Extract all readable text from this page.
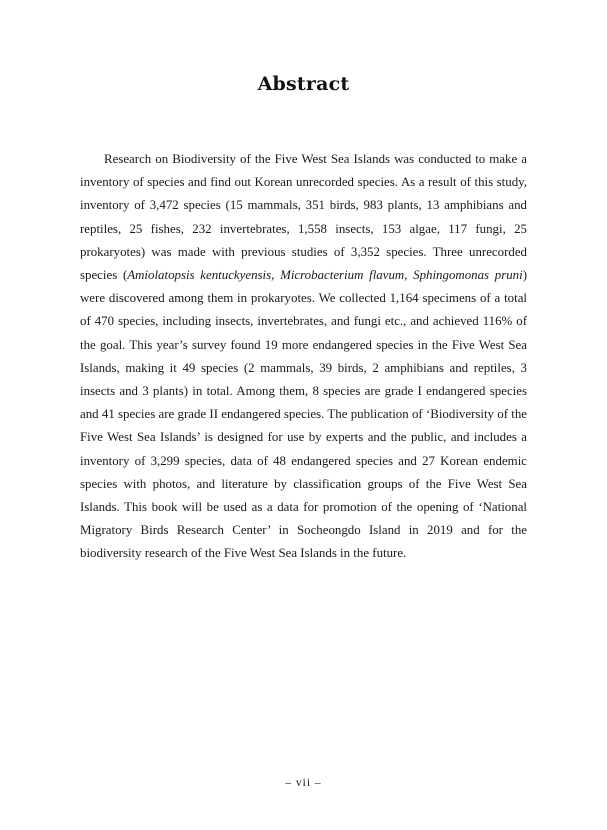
Abstract

Research on Biodiversity of the Five West Sea Islands was conducted to make a inventory of species and find out Korean unrecorded species. As a result of this study, inventory of 3,472 species (15 mammals, 351 birds, 983 plants, 13 amphibians and reptiles, 25 fishes, 232 invertebrates, 1,558 insects, 153 algae, 117 fungi, 25 prokaryotes) was made with previous studies of 3,352 species. Three unrecorded species (Amiolatopsis kentuckyensis, Microbacterium flavum, Sphingomonas pruni) were discovered among them in prokaryotes. We collected 1,164 specimens of a total of 470 species, including insects, invertebrates, and fungi etc., and achieved 116% of the goal. This year’s survey found 19 more endangered species in the Five West Sea Islands, making it 49 species (2 mammals, 39 birds, 2 amphibians and reptiles, 3 insects and 3 plants) in total. Among them, 8 species are grade I endangered species and 41 species are grade II endangered species. The publication of ‘Biodiversity of the Five West Sea Islands’ is designed for use by experts and the public, and includes a inventory of 3,299 species, data of 48 endangered species and 27 Korean endemic species with photos, and literature by classification groups of the Five West Sea Islands. This book will be used as a data for promotion of the opening of ‘National Migratory Birds Research Center’ in Socheongdo Island in 2019 and for the biodiversity research of the Five West Sea Islands in the future.

– vii –
